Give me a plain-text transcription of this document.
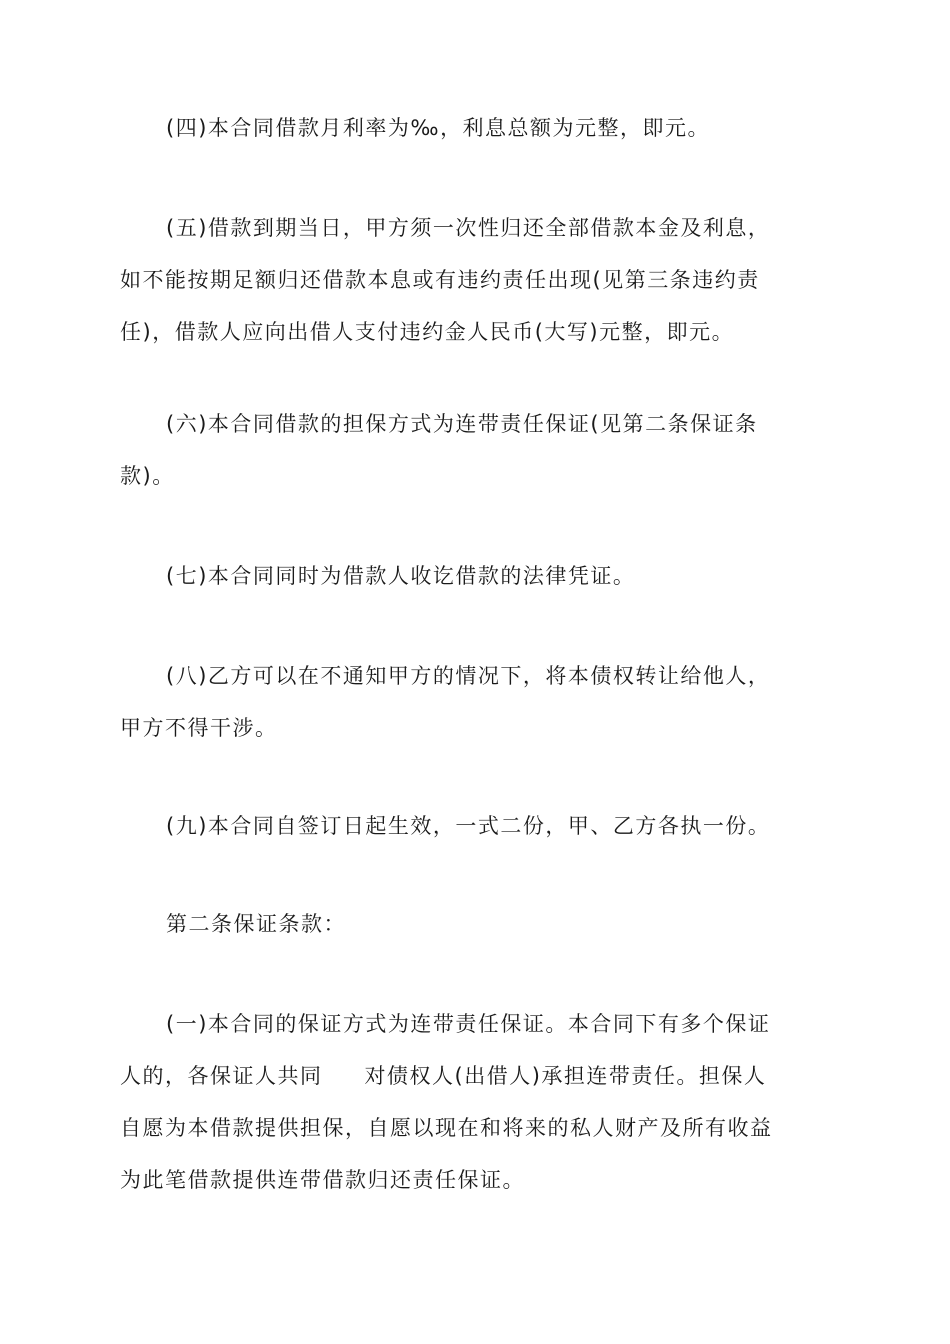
(四)本合同借款月利率为‰，利息总额为元整，即元。

(五)借款到期当日，甲方须一次性归还全部借款本金及利息，
如不能按期足额归还借款本息或有违约责任出现(见第三条违约责
任)，借款人应向出借人支付违约金人民币(大写)元整，即元。

(六)本合同借款的担保方式为连带责任保证(见第二条保证条
款)。

(七)本合同同时为借款人收讫借款的法律凭证。

(八)乙方可以在不通知甲方的情况下，将本债权转让给他人，
甲方不得干涉。

(九)本合同自签订日起生效，一式二份，甲、乙方各执一份。

第二条保证条款：

(一)本合同的保证方式为连带责任保证。本合同下有多个保证
人的，各保证人共同 对债权人(出借人)承担连带责任。担保人
自愿为本借款提供担保，自愿以现在和将来的私人财产及所有收益
为此笔借款提供连带借款归还责任保证。
